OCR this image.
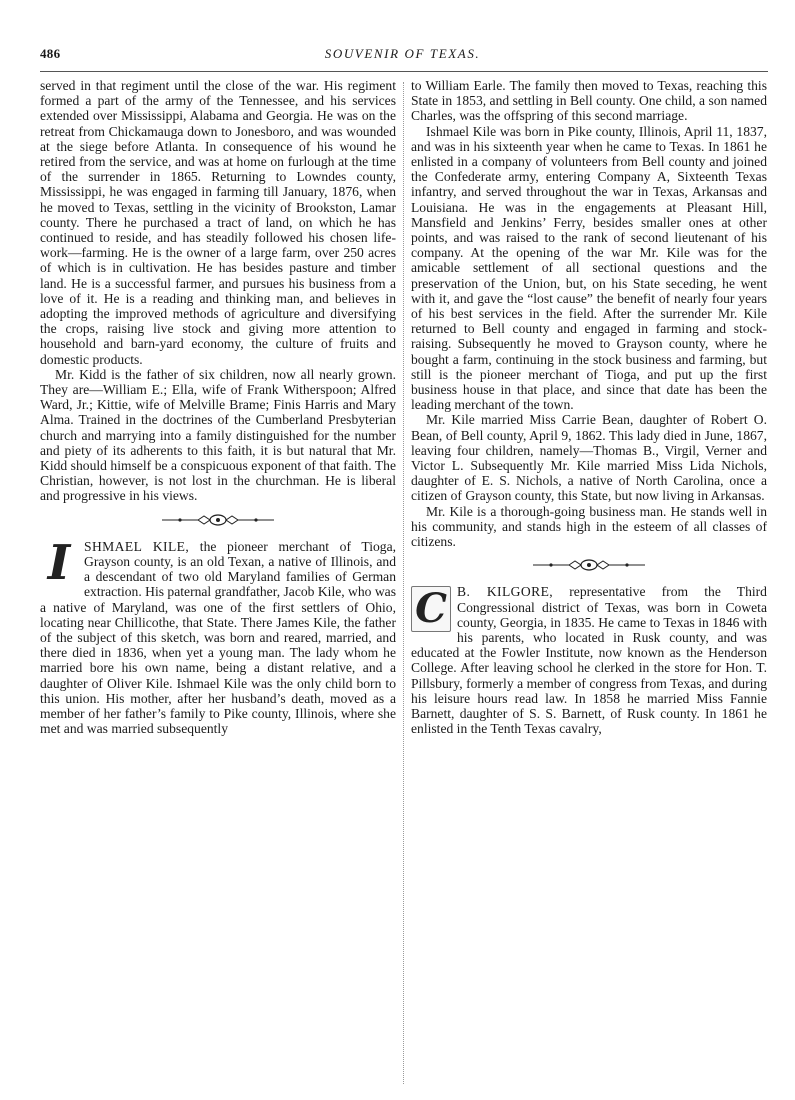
486	SOUVENIR OF TEXAS.

served in that regiment until the close of the war. His regiment formed a part of the army of the Tennessee, and his services extended over Mississippi, Alabama and Georgia. He was on the retreat from Chickamauga down to Jonesboro, and was wounded at the siege before Atlanta. In consequence of his wound he retired from the service, and was at home on furlough at the time of the surrender in 1865. Returning to Lowndes county, Mississippi, he was engaged in farming till January, 1876, when he moved to Texas, settling in the vicinity of Brookston, Lamar county. There he purchased a tract of land, on which he has continued to reside, and has steadily followed his chosen life-work—farming. He is the owner of a large farm, over 250 acres of which is in cultivation. He has besides pasture and timber land. He is a successful farmer, and pursues his business from a love of it. He is a reading and thinking man, and believes in adopting the improved methods of agriculture and diversifying the crops, raising live stock and giving more attention to household and barn-yard economy, the culture of fruits and domestic products.

Mr. Kidd is the father of six children, now all nearly grown. They are—William E.; Ella, wife of Frank Witherspoon; Alfred Ward, Jr.; Kittie, wife of Melville Brame; Finis Harris and Mary Alma. Trained in the doctrines of the Cumberland Presbyterian church and marrying into a family distinguished for the number and piety of its adherents to this faith, it is but natural that Mr. Kidd should himself be a conspicuous exponent of that faith. The Christian, however, is not lost in the churchman. He is liberal and progressive in his views.

I	SHMAEL KILE, the pioneer merchant of Tioga, Grayson county, is an old Texan, a native of Illinois, and a descendant of two old Maryland families of German extraction. His paternal grandfather, Jacob Kile, who was a native of Maryland, was one of the first settlers of Ohio, locating near Chillicothe, that State. There James Kile, the father of the subject of this sketch, was born and reared, married, and there died in 1836, when yet a young man. The lady whom he married bore his own name, being a distant relative, and a daughter of Oliver Kile. Ishmael Kile was the only child born to this union. His mother, after her husband’s death, moved as a member of her father’s family to Pike county, Illinois, where she met and was married subsequently

to William Earle. The family then moved to Texas, reaching this State in 1853, and settling in Bell county. One child, a son named Charles, was the offspring of this second marriage.

Ishmael Kile was born in Pike county, Illinois, April 11, 1837, and was in his sixteenth year when he came to Texas. In 1861 he enlisted in a company of volunteers from Bell county and joined the Confederate army, entering Company A, Sixteenth Texas infantry, and served throughout the war in Texas, Arkansas and Louisiana. He was in the engagements at Pleasant Hill, Mansfield and Jenkins’ Ferry, besides smaller ones at other points, and was raised to the rank of second lieutenant of his company. At the opening of the war Mr. Kile was for the amicable settlement of all sectional questions and the preservation of the Union, but, on his State seceding, he went with it, and gave the “lost cause” the benefit of nearly four years of his best services in the field. After the surrender Mr. Kile returned to Bell county and engaged in farming and stock-raising. Subsequently he moved to Grayson county, where he bought a farm, continuing in the stock business and farming, but still is the pioneer merchant of Tioga, and put up the first business house in that place, and since that date has been the leading merchant of the town.

Mr. Kile married Miss Carrie Bean, daughter of Robert O. Bean, of Bell county, April 9, 1862. This lady died in June, 1867, leaving four children, namely—Thomas B., Virgil, Verner and Victor L. Subsequently Mr. Kile married Miss Lida Nichols, daughter of E. S. Nichols, a native of North Carolina, once a citizen of Grayson county, this State, but now living in Arkansas.

Mr. Kile is a thorough-going business man. He stands well in his community, and stands high in the esteem of all classes of citizens.

C B. KILGORE, representative from the Third Congressional district of Texas, was born in Coweta county, Georgia, in 1835. He came to Texas in 1846 with his parents, who located in Rusk county, and was educated at the Fowler Institute, now known as the Henderson College. After leaving school he clerked in the store for Hon. T. Pillsbury, formerly a member of congress from Texas, and during his leisure hours read law. In 1858 he married Miss Fannie Barnett, daughter of S. S. Barnett, of Rusk county. In 1861 he enlisted in the Tenth Texas cavalry,
